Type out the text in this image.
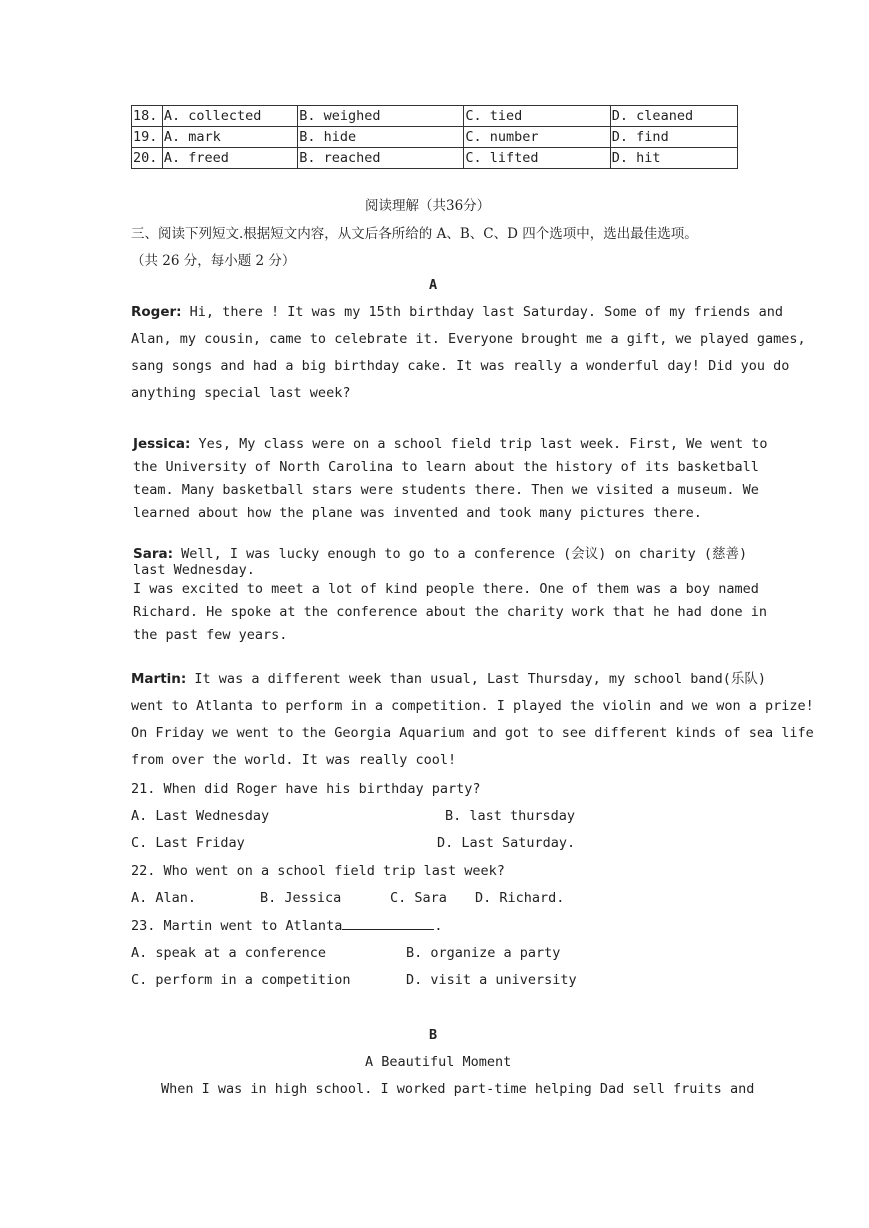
18.	A. collected	B. weighed	C. tied	D. cleaned
19.	A. mark	B. hide	C. number	D. find
20.	A. freed	B. reached	C. lifted	D. hit
阅读理解（共36分）
三、阅读下列短文.根据短文内容，从文后各所给的 A、B、C、D 四个选项中，选出最佳选项。
（共 26 分，每小题 2 分）
A
Roger: Hi, there ! It was my 15th birthday last Saturday. Some of my friends and
Alan, my cousin, came to celebrate it. Everyone brought me a gift, we played games,
sang songs and had a big birthday cake. It was really a wonderful day! Did you do
anything special last week?
Jessica: Yes, My class were on a school field trip last week. First, We went to
the University of North Carolina to learn about the history of its basketball
team. Many basketball stars were students there. Then we visited a museum. We
learned about how the plane was invented and took many pictures there.
Sara: Well, I was lucky enough to go to a conference (会议) on charity (慈善)
last Wednesday.
I was excited to meet a lot of kind people there. One of them was a boy named
Richard. He spoke at the conference about the charity work that he had done in
the past few years.
Martin: It was a different week than usual, Last Thursday, my school band(乐队)
went to Atlanta to perform in a competition. I played the violin and we won a prize!
On Friday we went to the Georgia Aquarium and got to see different kinds of sea life
from over the world. It was really cool!
21. When did Roger have his birthday party?
A. Last Wednesday	B. last thursday
C. Last Friday	D. Last Saturday.
22. Who went on a school field trip last week?
A. Alan.	B. Jessica	C. Sara D. Richard.
23. Martin went to Atlanta	.
A. speak at a conference	B. organize a party
C. perform in a competition	D. visit a university
B
A Beautiful Moment
When I was in high school. I worked part-time helping Dad sell fruits and
